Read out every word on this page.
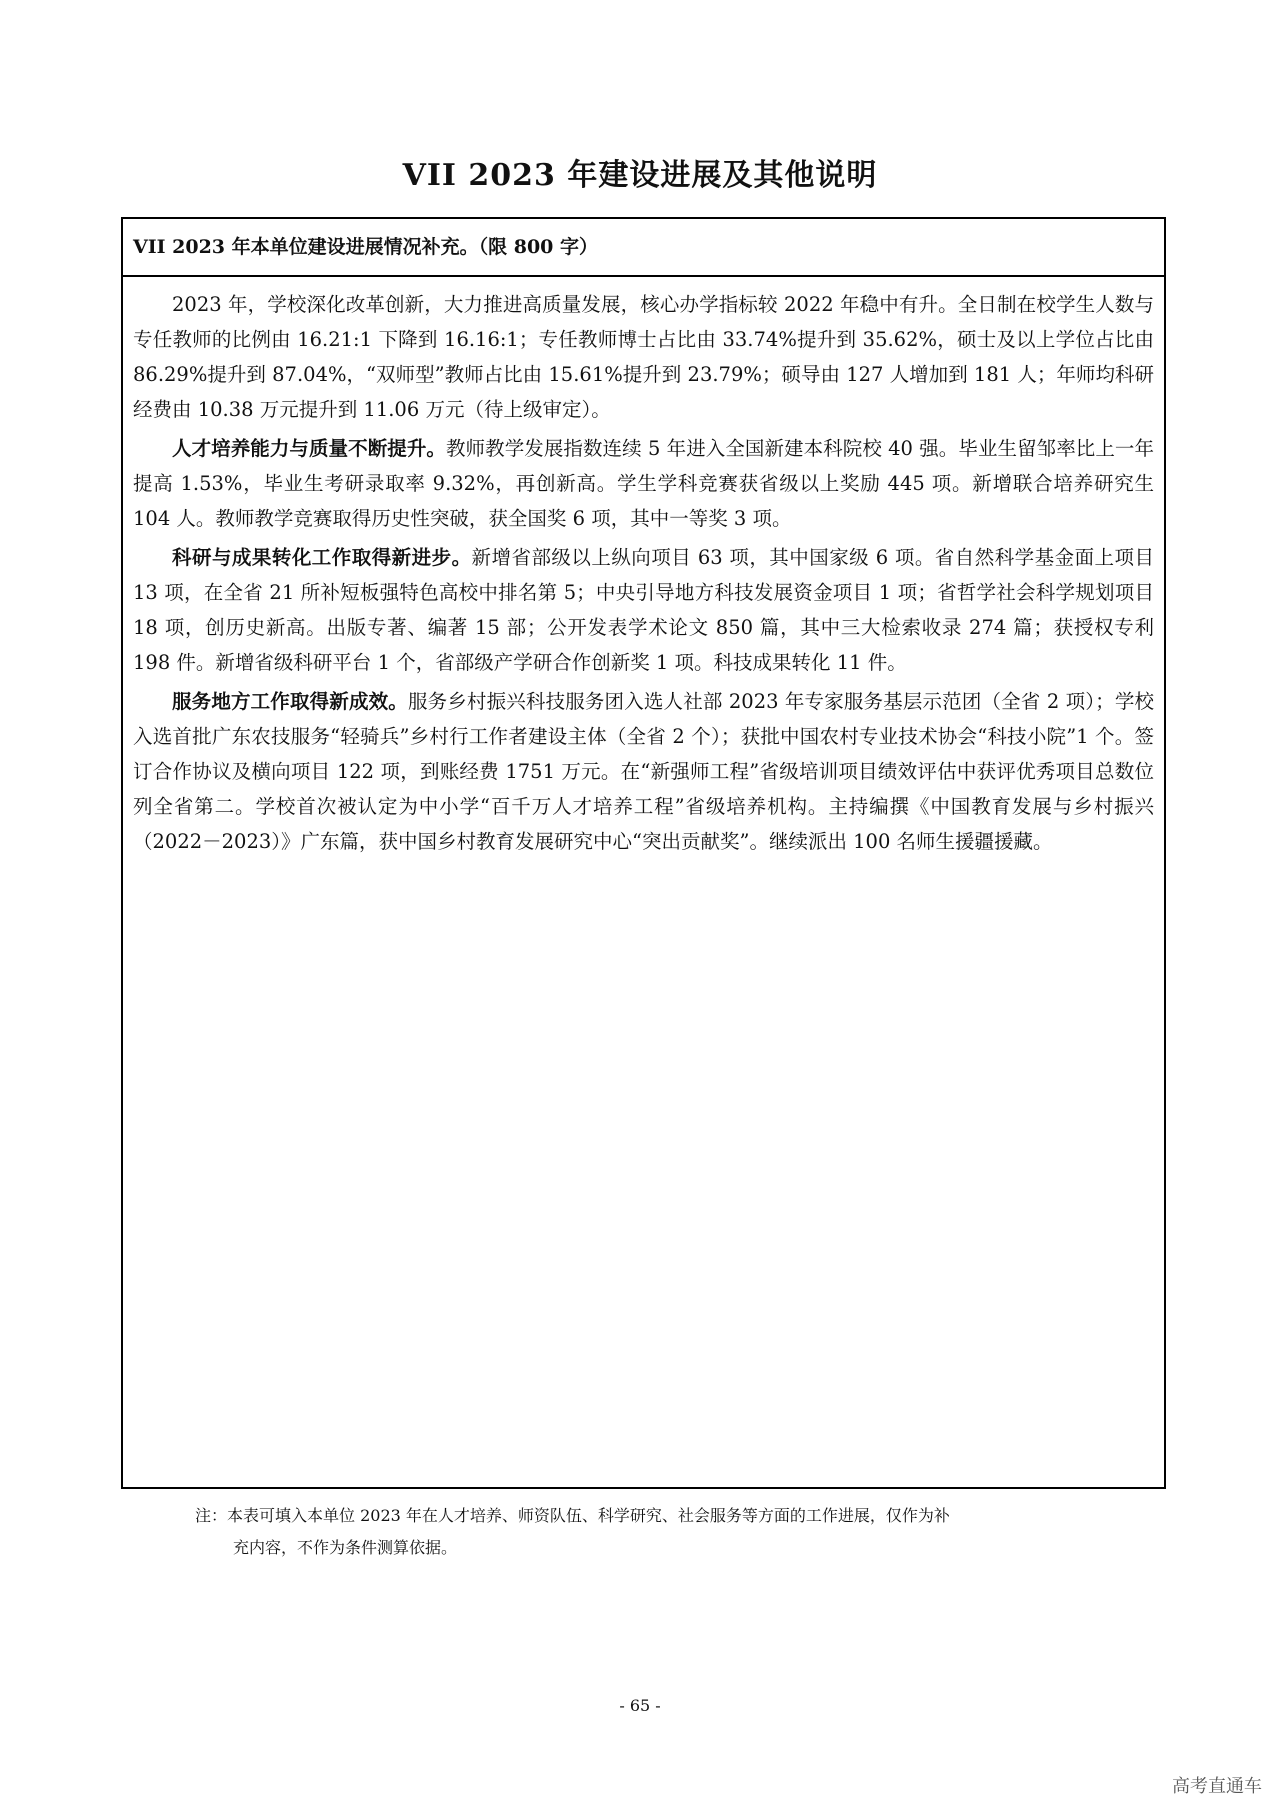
VII 2023 年建设进展及其他说明
VII 2023 年本单位建设进展情况补充。（限 800 字）

2023 年，学校深化改革创新，大力推进高质量发展，核心办学指标较 2022 年稳中有升。全日制在校学生人数与专任教师的比例由 16.21:1 下降到 16.16:1；专任教师博士占比由 33.74%提升到 35.62%，硕士及以上学位占比由 86.29%提升到 87.04%，“双师型”教师占比由 15.61%提升到 23.79%；硕导由 127 人增加到 181 人；年师均科研经费由 10.38 万元提升到 11.06 万元（待上级审定）。

人才培养能力与质量不断提升。教师教学发展指数连续 5 年进入全国新建本科院校 40 强。毕业生留邹率比上一年提高 1.53%，毕业生考研录取率 9.32%，再创新高。学生学科竞赛获省级以上奖励 445 项。新增联合培养研究生 104 人。教师教学竞赛取得历史性突破，获全国奖 6 项，其中一等奖 3 项。

科研与成果转化工作取得新进步。新增省部级以上纵向项目 63 项，其中国家级 6 项。省自然科学基金面上项目 13 项，在全省 21 所补短板强特色高校中排名第 5；中央引导地方科技发展资金项目 1 项；省哲学社会科学规划项目 18 项，创历史新高。出版专著、编著 15 部；公开发表学术论文 850 篇，其中三大检索收录 274 篇；获授权专利 198 件。新增省级科研平台 1 个，省部级产学研合作创新奖 1 项。科技成果转化 11 件。

服务地方工作取得新成效。服务乡村振兴科技服务团入选人社部 2023 年专家服务基层示范团（全省 2 项）；学校入选首批广东农技服务“轻骑兵”乡村行工作者建设主体（全省 2 个）；获批中国农村专业技术协会“科技小院”1 个。签订合作协议及横向项目 122 项，到账经费 1751 万元。在“新强师工程”省级培训项目绩效评估中获评优秀项目总数位列全省第二。学校首次被认定为中小学“百千万人才培养工程”省级培养机构。主持编撰《中国教育发展与乡村振兴（2022－2023）》广东篇，获中国乡村教育发展研究中心“突出贡献奖”。继续派出 100 名师生援疆援藏。

注：本表可填入本单位 2023 年在人才培养、师资队伍、科学研究、社会服务等方面的工作进展，仅作为补
充内容，不作为条件测算依据。

- 65 -
高考直通车
